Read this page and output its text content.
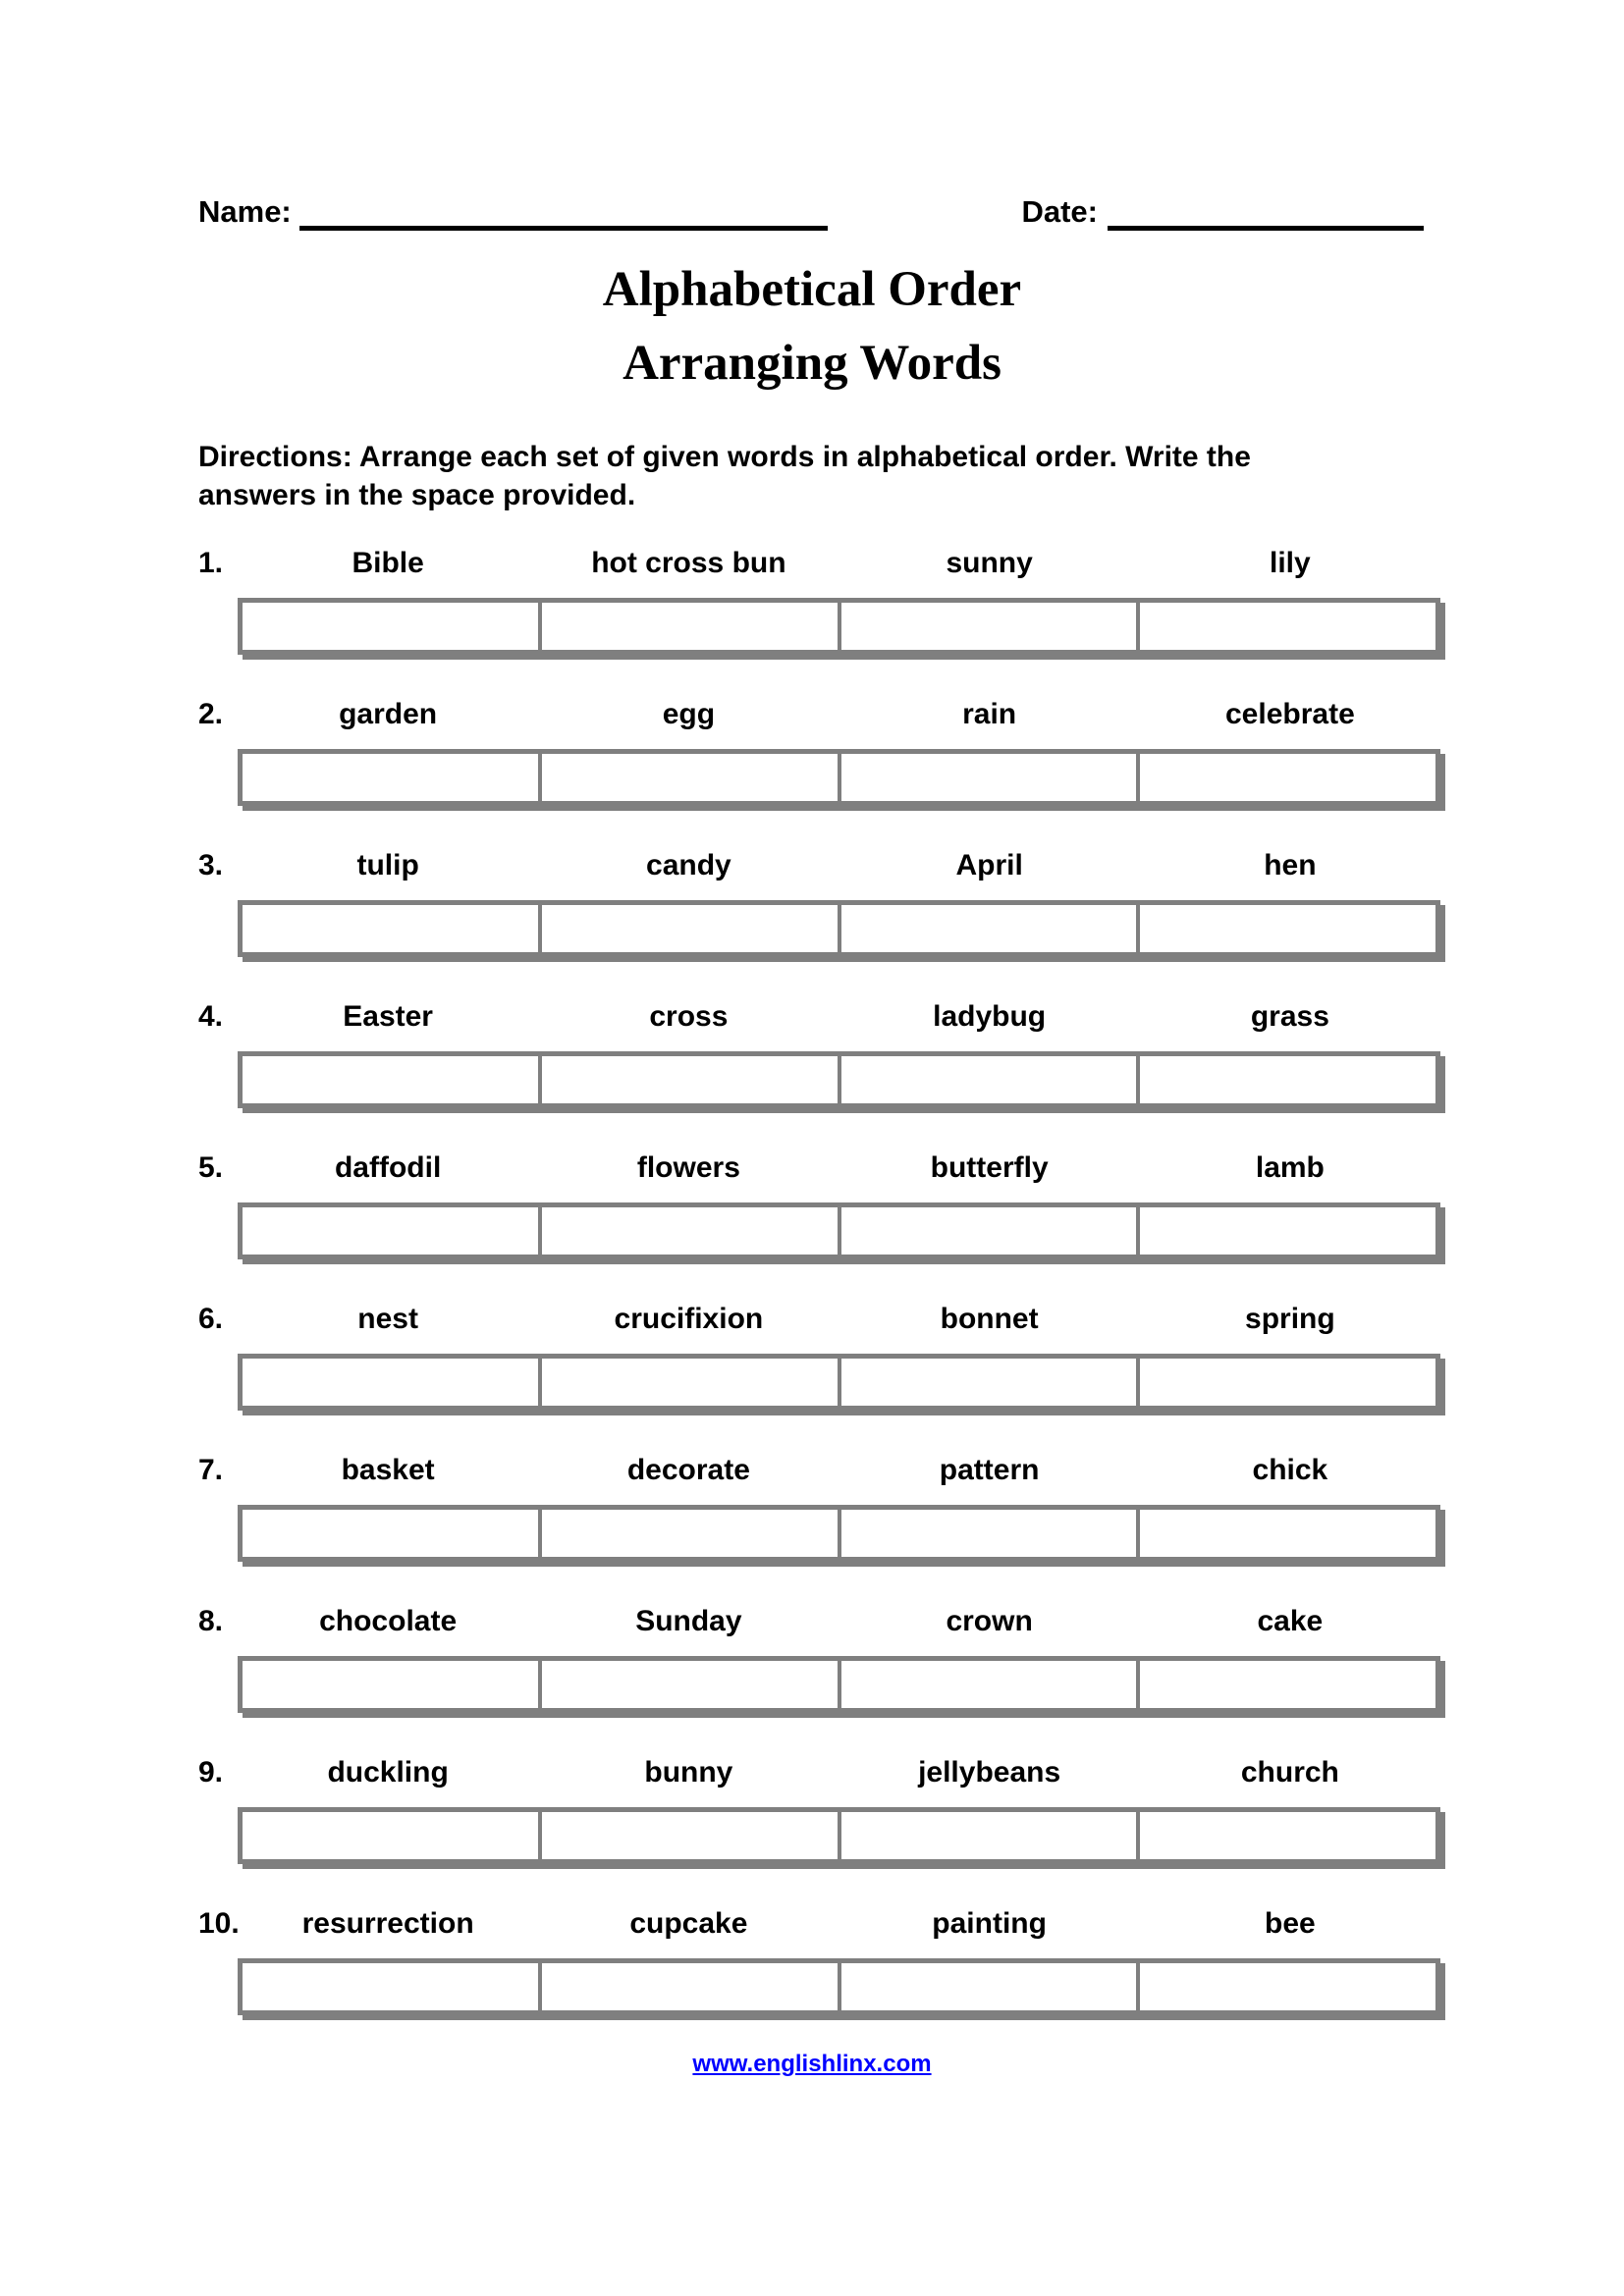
Name:	Date:
Alphabetical Order
Arranging Words
Directions: Arrange each set of given words in alphabetical order. Write the
answers in the space provided.
1.	Bible	hot cross bun	sunny	lily
2.	garden	egg	rain	celebrate
3.	tulip	candy	April	hen
4.	Easter	cross	ladybug	grass
5.	daffodil	flowers	butterfly	lamb
6.	nest	crucifixion	bonnet	spring
7.	basket	decorate	pattern	chick
8.	chocolate	Sunday	crown	cake
9.	duckling	bunny	jellybeans	church
10.	resurrection	cupcake	painting	bee
www.englishlinx.com
